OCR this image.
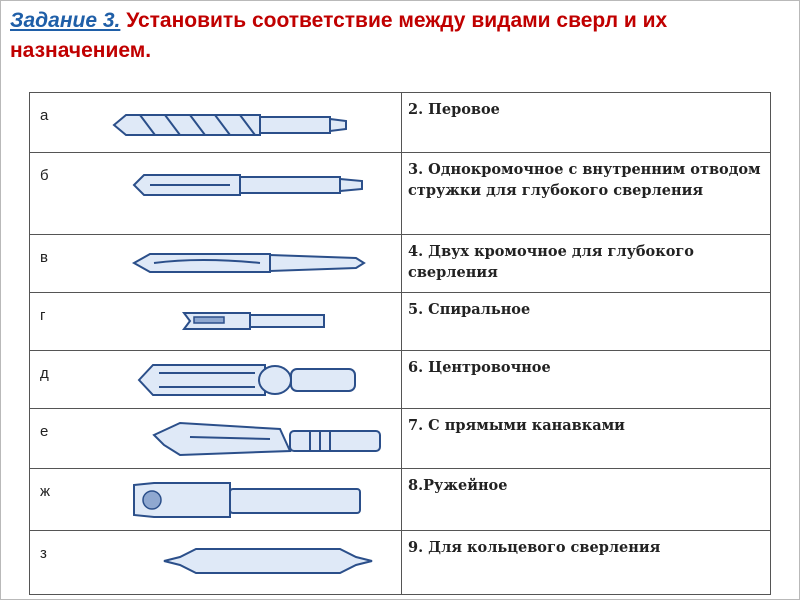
Задание 3. Установить соответствие между видами сверл и их назначением.
а	2. Перовое

б	3. Однокромочное с внутренним отводом стружки для глубокого сверления

в	4. Двух кромочное для глубокого сверления

г	5. Спиральное

д	6. Центровочное

е	7. С прямыми канавками

ж	8.Ружейное

з	9. Для кольцевого сверления
